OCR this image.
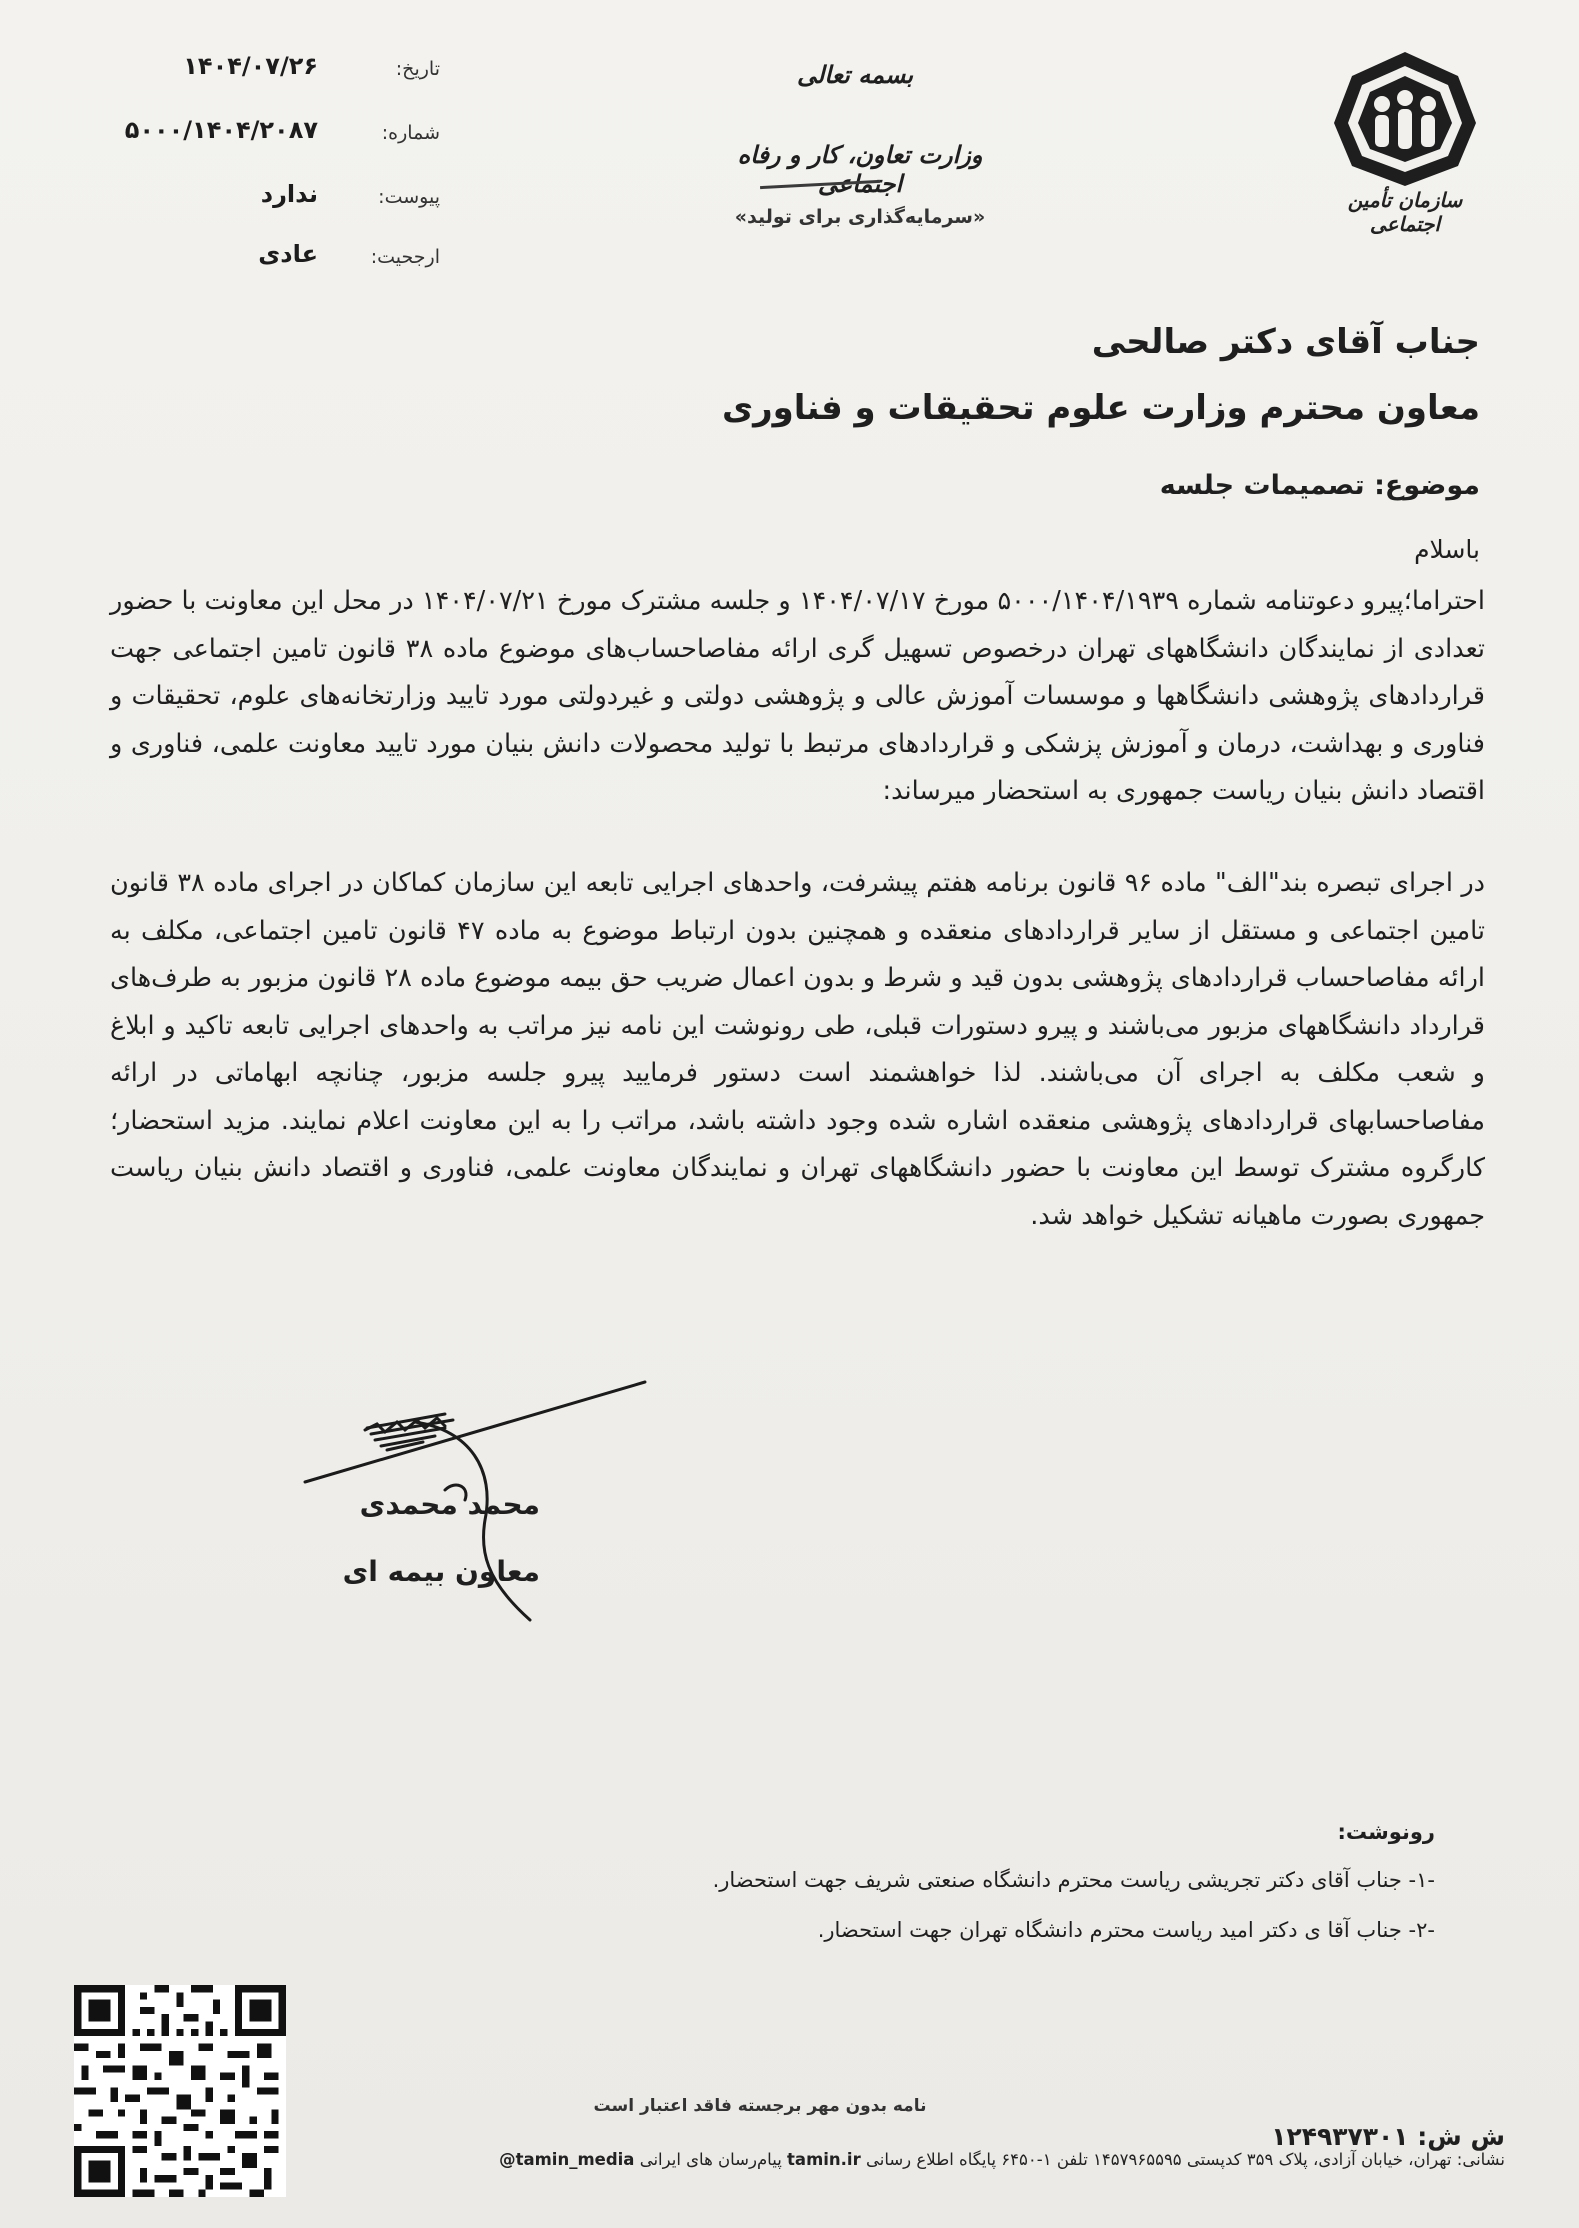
سازمان تأمین اجتماعی
بسمه تعالی
وزارت تعاون، کار و رفاه اجتماعی
«سرمایه‌گذاری برای تولید»
تاریخ:
۱۴۰۴/۰۷/۲۶
شماره:
۵۰۰۰/۱۴۰۴/۲۰۸۷
پیوست:
ندارد
ارجحیت:
عادی
جناب آقای دکتر صالحی
معاون محترم وزارت علوم تحقیقات و فناوری
موضوع: تصمیمات جلسه
باسلام
احتراما؛پیرو دعوتنامه شماره ۵۰۰۰/۱۴۰۴/۱۹۳۹ مورخ ۱۴۰۴/۰۷/۱۷ و جلسه مشترک مورخ ۱۴۰۴/۰۷/۲۱ در محل این معاونت با حضور تعدادی از نمایندگان دانشگاههای تهران درخصوص تسهیل گری ارائه مفاصاحساب‌های موضوع ماده ۳۸ قانون تامین اجتماعی جهت قراردادهای پژوهشی دانشگاهها و موسسات آموزش عالی و پژوهشی دولتی و غیردولتی مورد تایید وزارتخانه‌های علوم، تحقیقات و فناوری و بهداشت، درمان و آموزش پزشکی و قراردادهای مرتبط با تولید محصولات دانش بنیان مورد تایید معاونت علمی، فناوری و اقتصاد دانش بنیان ریاست جمهوری به استحضار میرساند:
در اجرای تبصره بند"الف" ماده ۹۶ قانون برنامه هفتم پیشرفت، واحدهای اجرایی تابعه این سازمان کماکان در اجرای ماده ۳۸ قانون تامین اجتماعی و مستقل از سایر قراردادهای منعقده و همچنین بدون ارتباط موضوع به ماده ۴۷ قانون تامین اجتماعی، مکلف به ارائه مفاصاحساب قراردادهای پژوهشی بدون قید و شرط و بدون اعمال ضریب حق بیمه موضوع ماده ۲۸ قانون مزبور به طرف‌های قرارداد دانشگاههای مزبور می‌باشند و پیرو دستورات قبلی، طی رونوشت این نامه نیز مراتب به واحدهای اجرایی تابعه تاکید و ابلاغ و شعب مکلف به اجرای آن می‌باشند. لذا خواهشمند است دستور فرمایید پیرو جلسه مزبور، چنانچه ابهاماتی در ارائه مفاصاحسابهای قراردادهای پژوهشی منعقده اشاره شده وجود داشته باشد، مراتب را به این معاونت اعلام نمایند. مزید استحضار؛کارگروه مشترک توسط این معاونت با حضور دانشگاههای تهران و نمایندگان معاونت علمی، فناوری و اقتصاد دانش بنیان ریاست جمهوری بصورت ماهیانه تشکیل خواهد شد.
محمد محمدی
معاون بیمه ای
رونوشت:
-۱- جناب آقای دکتر تجریشی ریاست محترم دانشگاه صنعتی شریف جهت استحضار.
-۲- جناب آقا ی دکتر امید ریاست محترم دانشگاه تهران جهت استحضار.
نامه بدون مهر برجسته فاقد اعتبار است
ش ش: ۱۲۴۹۳۷۳۰۱
نشانی: تهران، خیابان آزادی، پلاک ۳۵۹ کدپستی ۱۴۵۷۹۶۵۵۹۵ تلفن ۱-۶۴۵۰ پایگاه اطلاع رسانی tamin.ir پیام‌رسان های ایرانی @tamin_media
